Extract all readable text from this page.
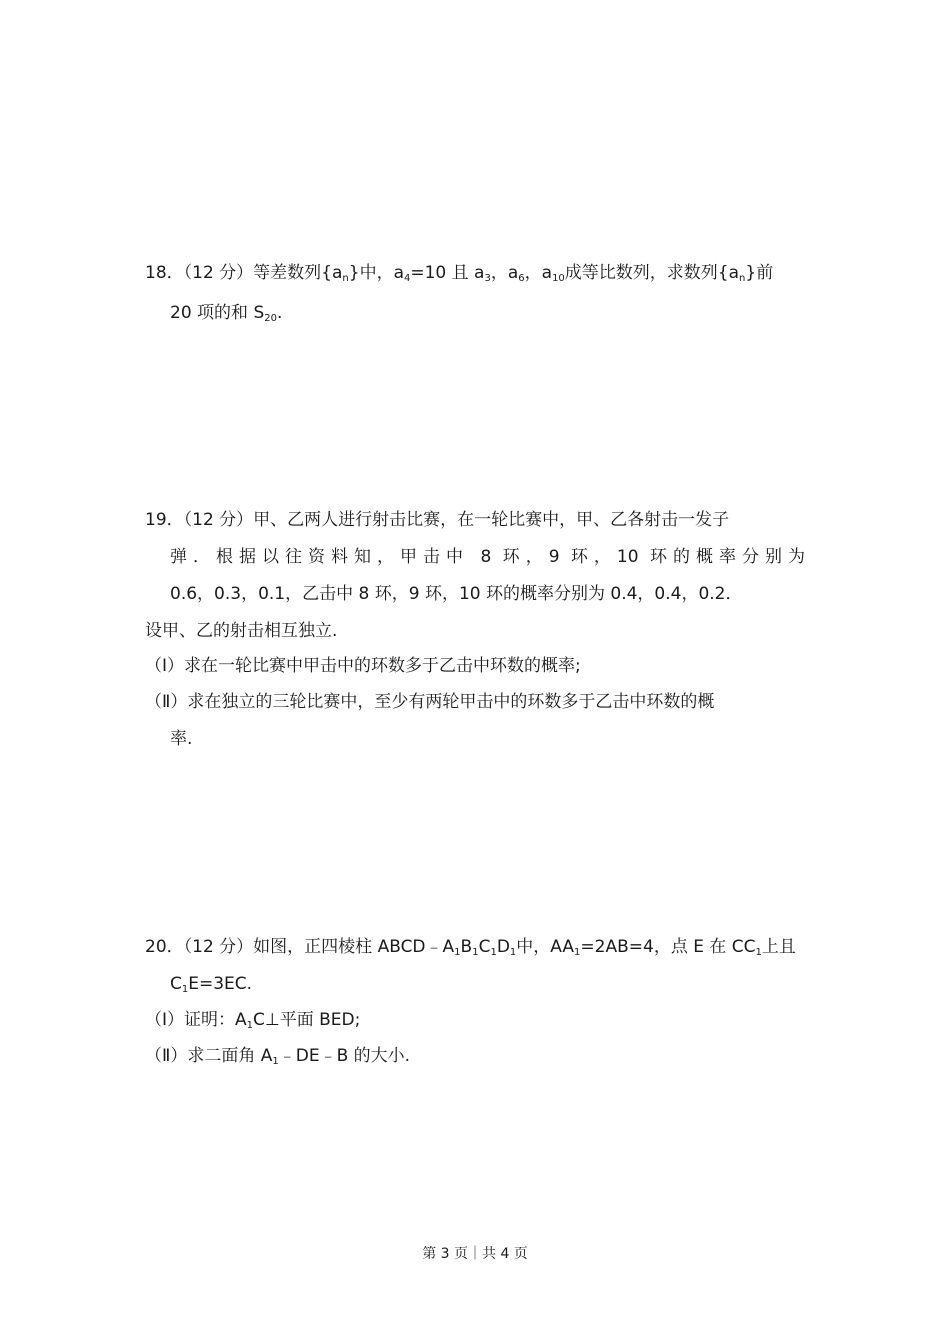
18．（12 分）等差数列$\{a_n\}$中，$a_4=10$ 且 $a_3$，$a_6$，$a_{10}$成等比数列，求数列$\{a_n\}$前
20 项的和 $S_{20}$.
19．（12 分）甲、乙两人进行射击比赛，在一轮比赛中，甲、乙各射击一发子
弹．根据以往资料知，甲击中 8 环，9 环，10 环的概率分别为
0.6，0.3，0.1，乙击中 8 环，9 环，10 环的概率分别为 0.4，0.4，0.2．
设甲、乙的射击相互独立.
（Ⅰ）求在一轮比赛中甲击中的环数多于乙击中环数的概率;
（Ⅱ）求在独立的三轮比赛中，至少有两轮甲击中的环数多于乙击中环数的概
率.
20．（12 分）如图，正四棱柱 $ABCD﹣A_1B_1C_1D_1$中，$AA_1=2AB=4$，点 E 在 $CC_1$上且
$C_1E=3EC$.
（Ⅰ）证明：$A_1C\perp$平面 BED;
（Ⅱ）求二面角 $A_1﹣DE﹣B$ 的大小.
第 3 页｜共 4 页
